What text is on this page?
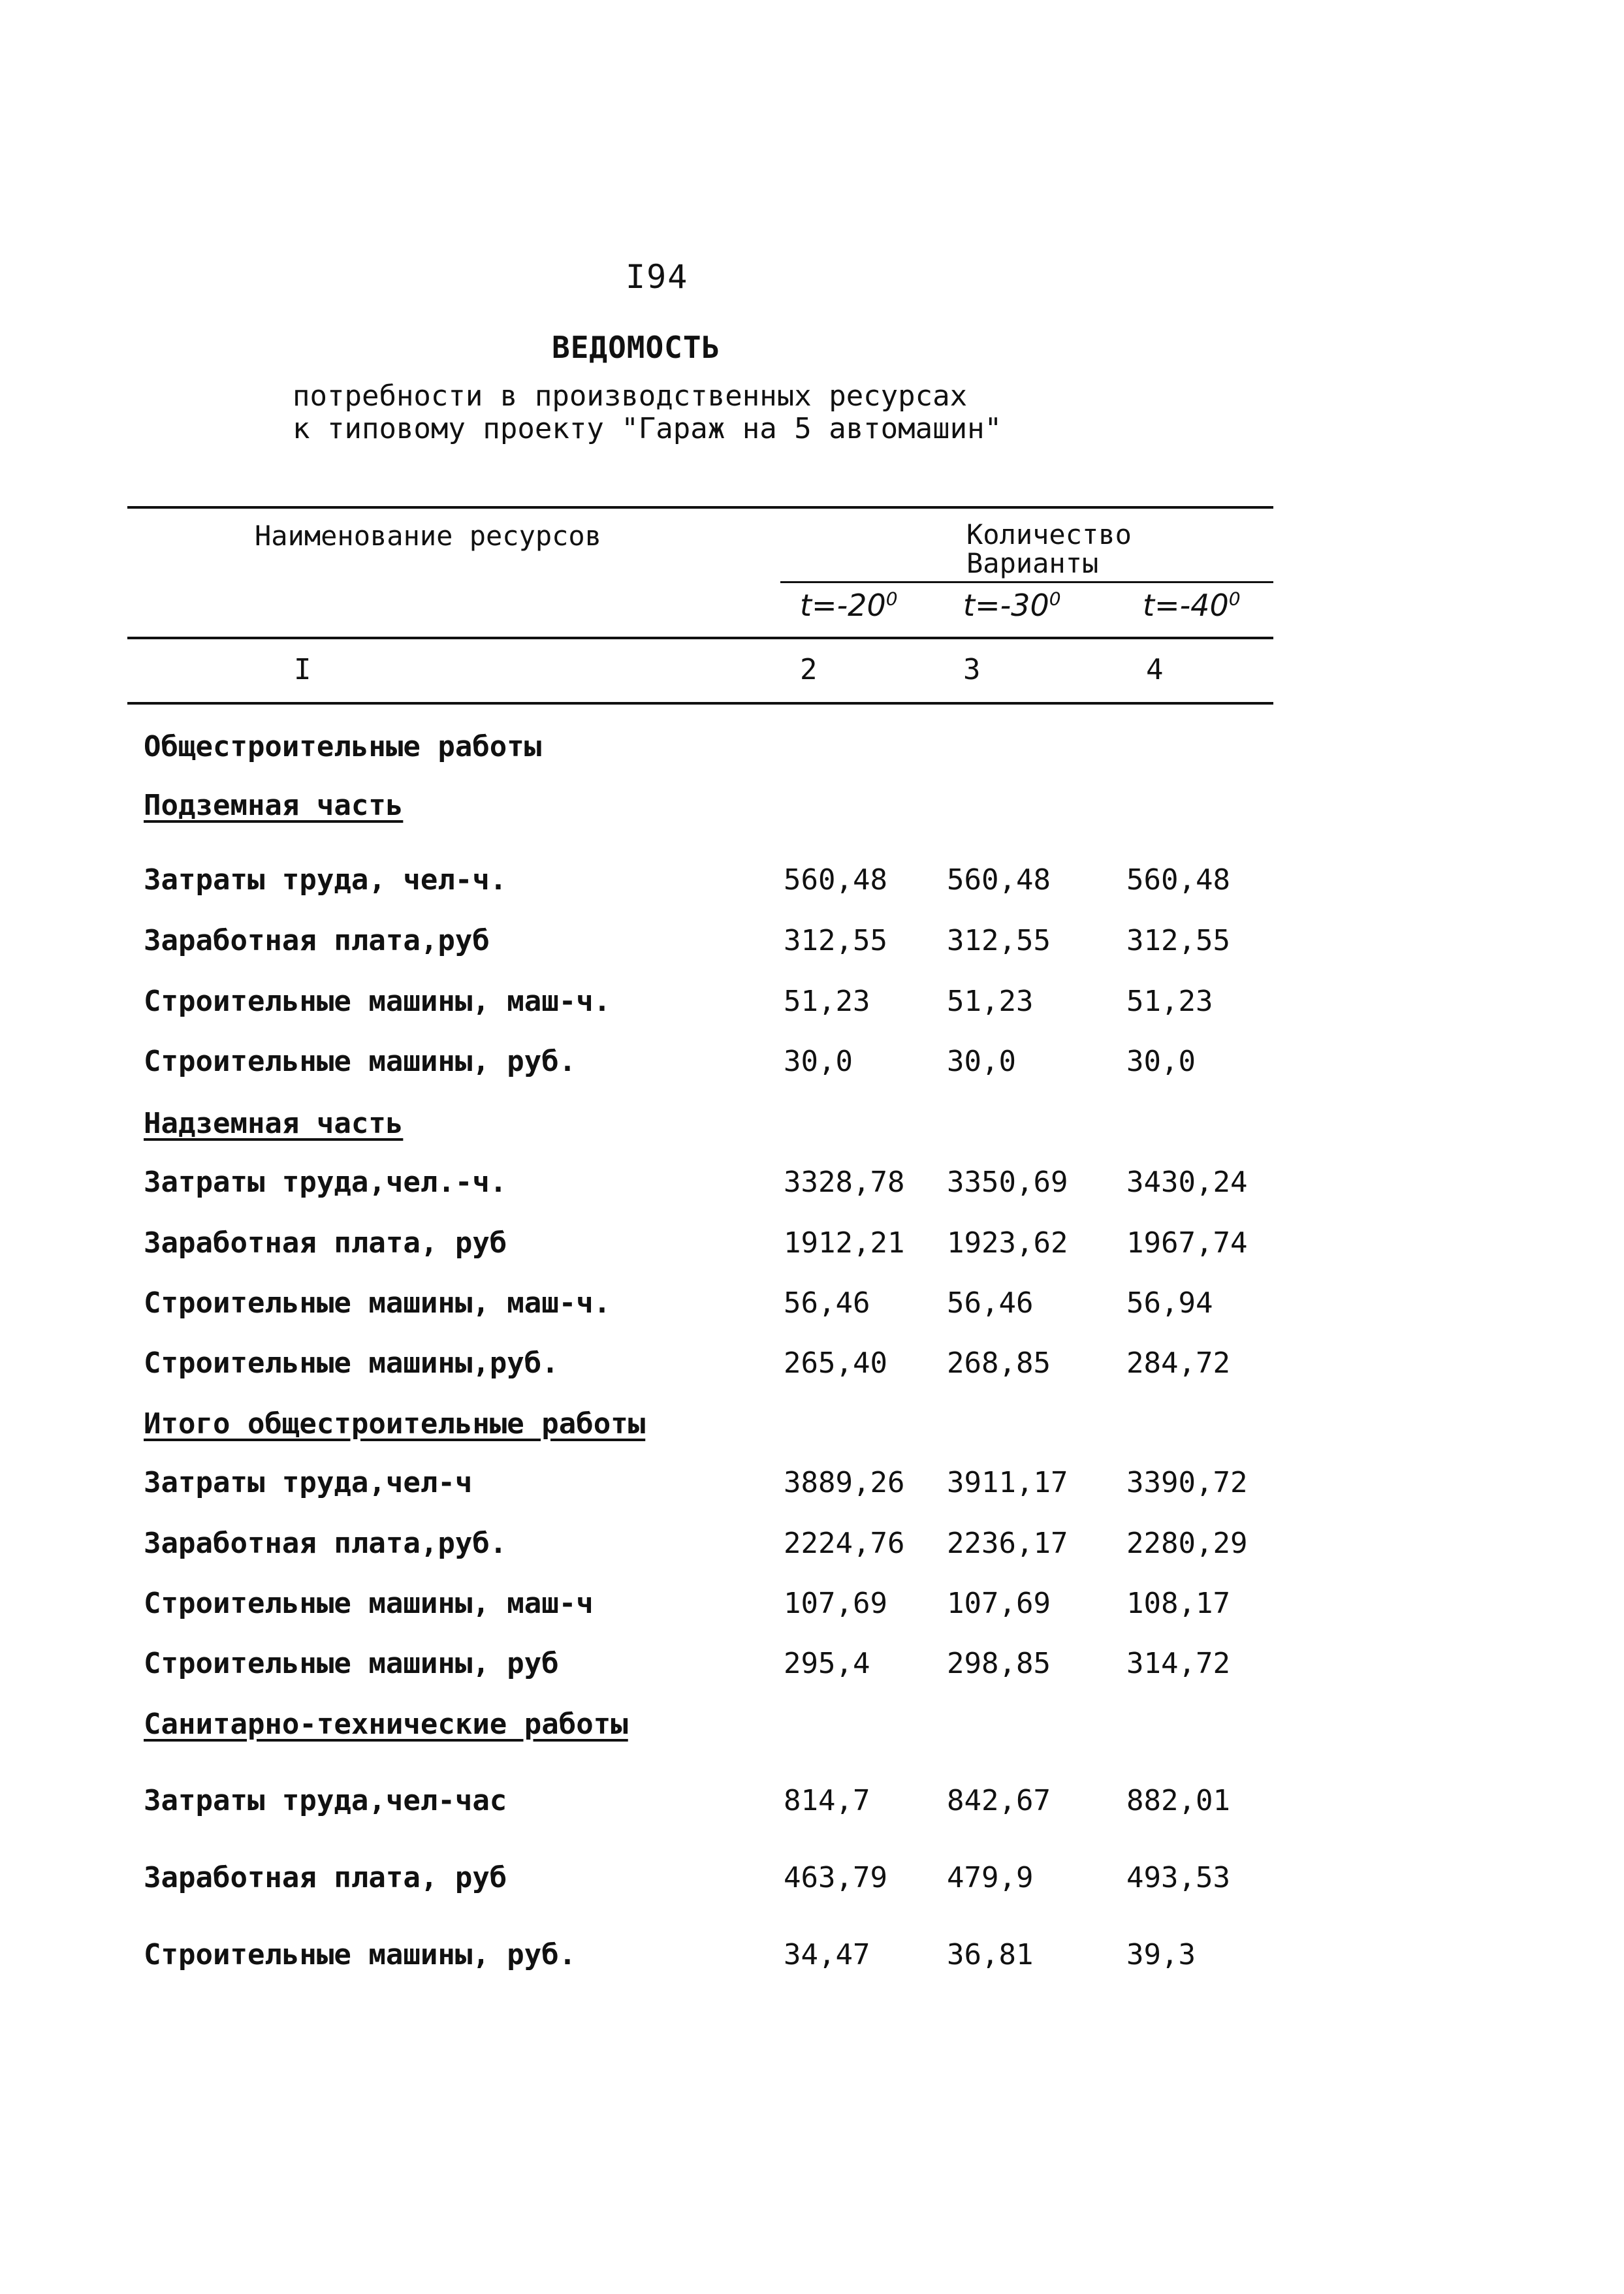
I94
ВЕДОМОСТЬ
потребности в производственных ресурсах
к типовому проекту "Гараж на 5 автомашин"
Наименование ресурсов	Количество
Варианты
$t=-20^0$ $t=-30^0$	$t=-40^0$
I	2	3	4
Общестроительные работы
Подземная часть
Затраты труда, чел-ч.	560,48 560,48	560,48
Заработная плата,руб	312,55 312,55	312,55
Строительные машины, маш-ч.	51,23	51,23	51,23
Строительные машины, руб.	30,0	30,0	30,0
Надземная часть
Затраты труда,чел.-ч.	3328,78 3350,69 3430,24
Заработная плата, руб	1912,21 1923,62 1967,74
Строительные машины, маш-ч.	56,46	56,46	56,94
Строительные машины,руб.	265,40 268,85	284,72
Итого общестроительные работы
Затраты труда,чел-ч	3889,26 3911,17 3390,72
Заработная плата,руб.	2224,76 2236,17 2280,29
Строительные машины, маш-ч	107,69 107,69	108,17
Строительные машины, руб	295,4	298,85	314,72
Санитарно-технические работы
Затраты труда,чел-час	814,7	842,67	882,01
Заработная плата, руб	463,79 479,9	493,53
Строительные машины, руб.	34,47	36,81	39,3
